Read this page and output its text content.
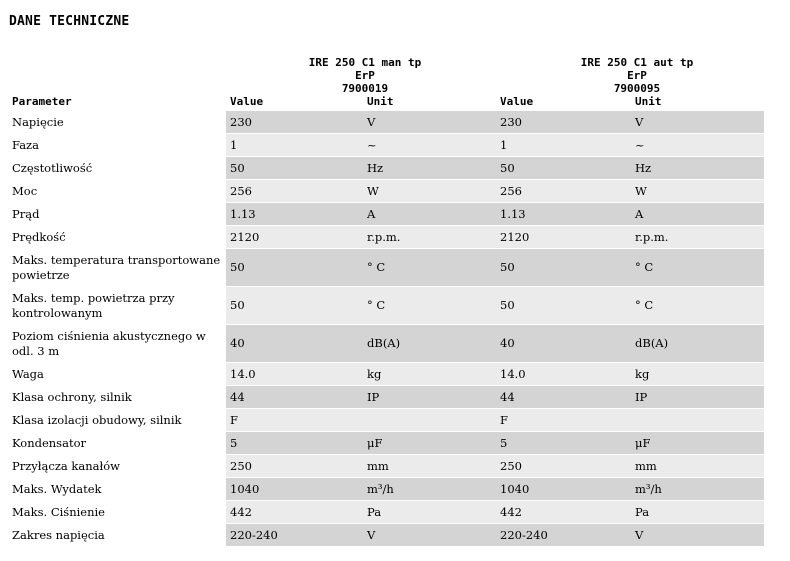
DANE TECHNICZNE
IRE 250 C1 man tp ErP
7900019
IRE 250 C1 aut tp ErP
7900095
Parameter	Value	Unit	Value	Unit
Napięcie	230	V	230	V
Faza	1	~	1	~
Częstotliwość	50	Hz	50	Hz
Moc	256	W	256	W
Prąd	1.13	A	1.13	A
Prędkość	2120	r.p.m.	2120	r.p.m.
Maks. temperatura transportowane powietrze	50	° C	50	° C
Maks. temp. powietrza przy kontrolowanym	50	° C	50	° C
Poziom ciśnienia akustycznego w odl. 3 m	40	dB(A)	40	dB(A)
Waga	14.0	kg	14.0	kg
Klasa ochrony, silnik	44	IP	44	IP
Klasa izolacji obudowy, silnik	F		F	
Kondensator	5	μF	5	μF
Przyłącza kanałów	250	mm	250	mm
Maks. Wydatek	1040	m³/h	1040	m³/h
Maks. Ciśnienie	442	Pa	442	Pa
Zakres napięcia	220-240	V	220-240	V
